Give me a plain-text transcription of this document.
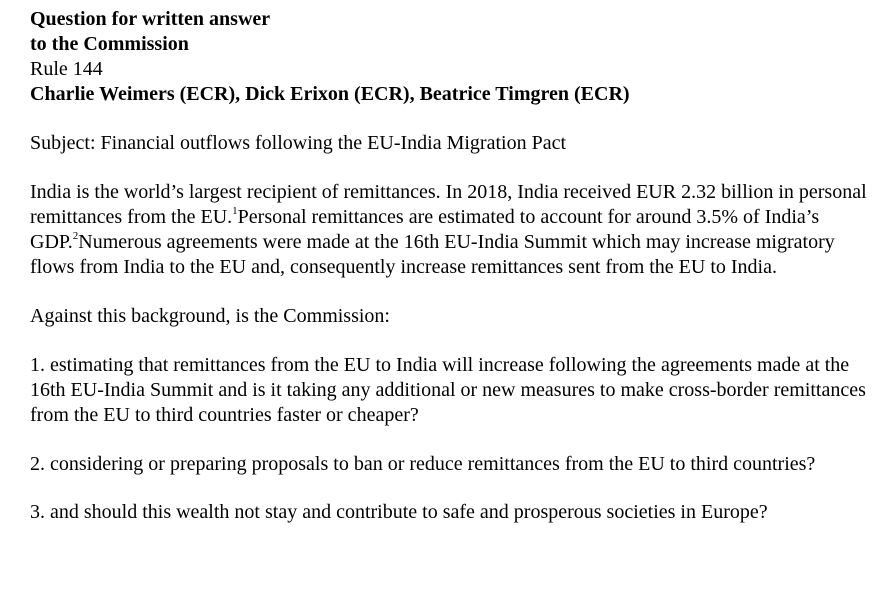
Question for written answer

to the Commission

Rule 144

Charlie Weimers (ECR), Dick Erixon (ECR), Beatrice Timgren (ECR)

Subject: Financial outflows following the EU-India Migration Pact

India is the world’s largest recipient of remittances. In 2018, India received EUR 2.32 billion in personal remittances from the EU.$^1$Personal remittances are estimated to account for around 3.5% of India’s GDP.$^2$Numerous agreements were made at the 16th EU-India Summit which may increase migratory flows from India to the EU and, consequently increase remittances sent from the EU to India.

Against this background, is the Commission:

1. estimating that remittances from the EU to India will increase following the agreements made at the 16th EU-India Summit and is it taking any additional or new measures to make cross-border remittances from the EU to third countries faster or cheaper?

2. considering or preparing proposals to ban or reduce remittances from the EU to third countries?

3. and should this wealth not stay and contribute to safe and prosperous societies in Europe?
